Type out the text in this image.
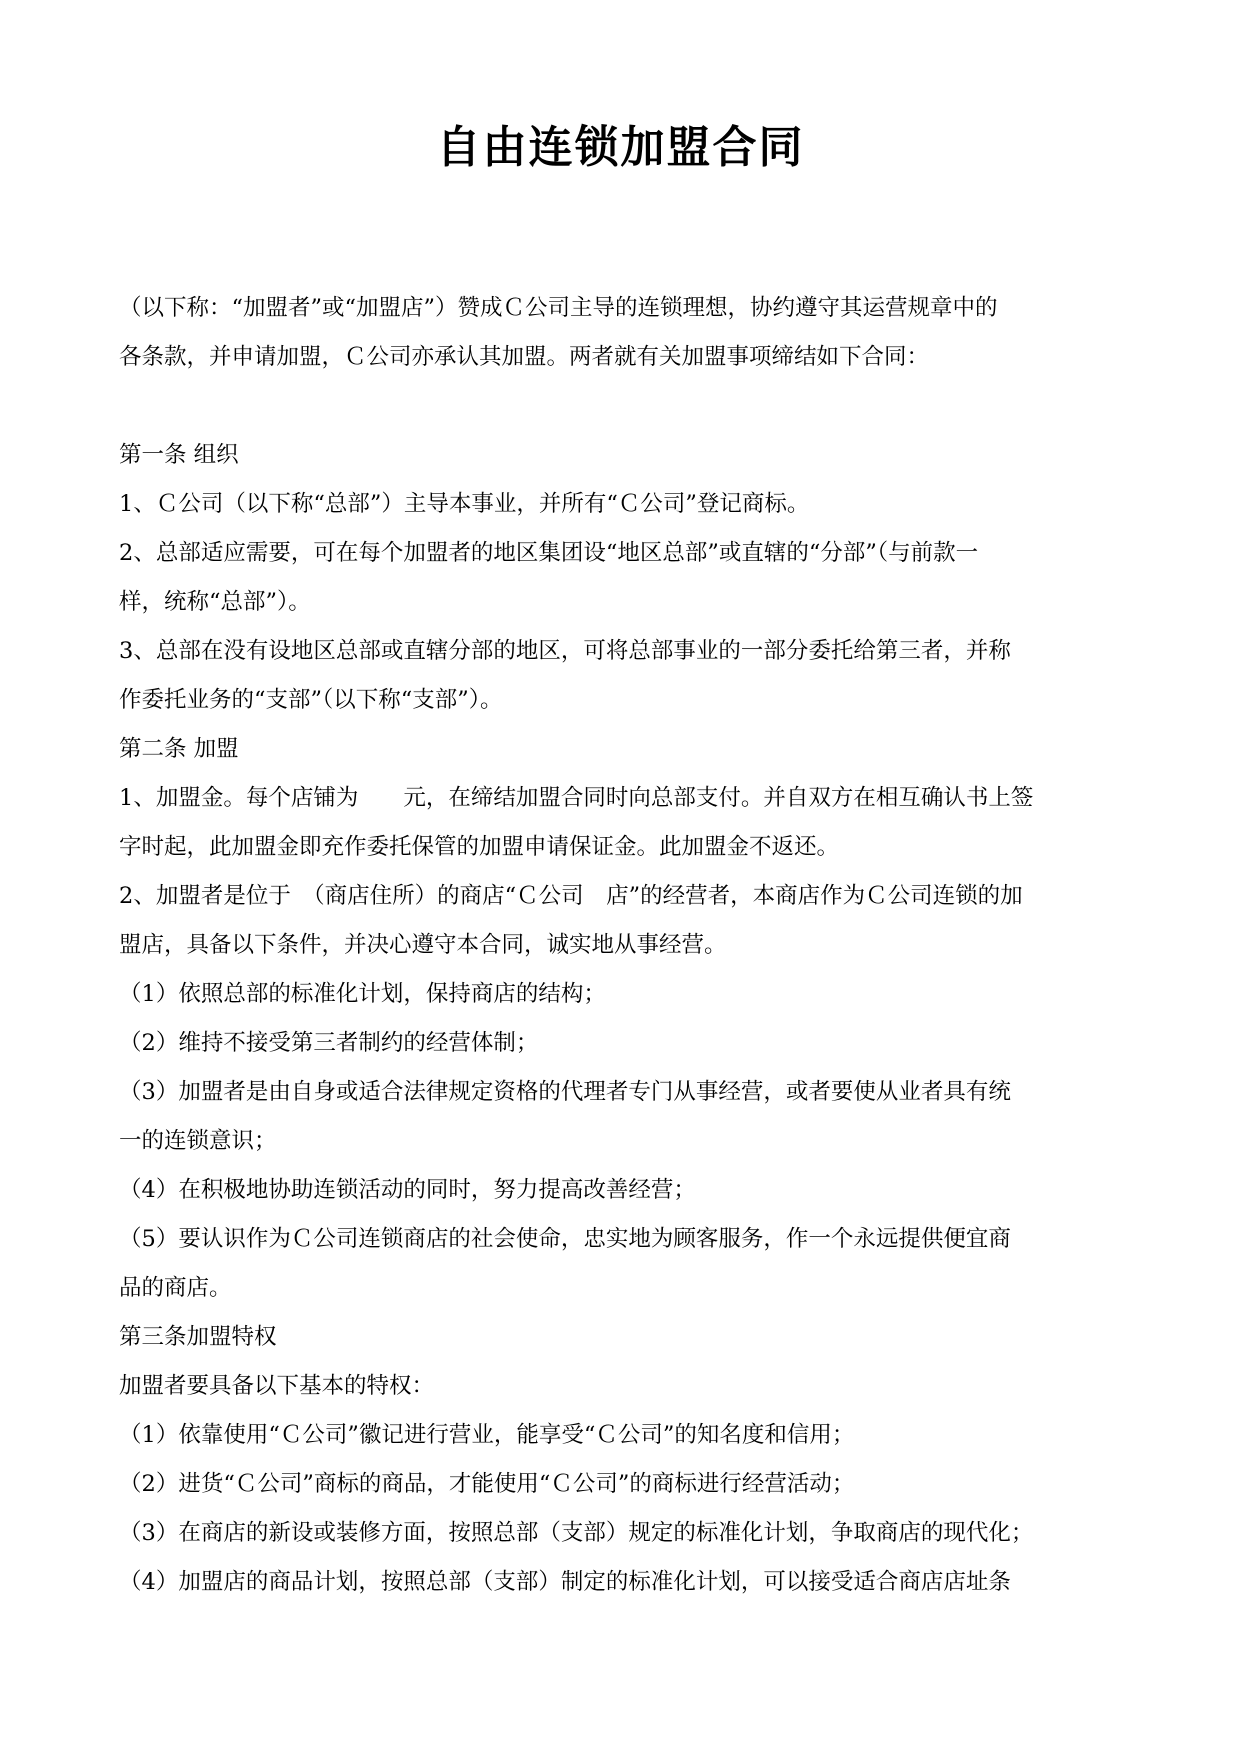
自由连锁加盟合同

（以下称：“加盟者”或“加盟店”）赞成Ｃ公司主导的连锁理想，协约遵守其运营规章中的

各条款，并申请加盟，Ｃ公司亦承认其加盟。两者就有关加盟事项缔结如下合同：

第一条 组织

1、Ｃ公司（以下称“总部”）主导本事业，并所有“Ｃ公司”登记商标。

2、总部适应需要，可在每个加盟者的地区集团设“地区总部”或直辖的“分部”（与前款一

样，统称“总部”）。

3、总部在没有设地区总部或直辖分部的地区，可将总部事业的一部分委托给第三者，并称

作委托业务的“支部”（以下称“支部”）。

第二条 加盟

1、加盟金。每个店铺为　　元，在缔结加盟合同时向总部支付。并自双方在相互确认书上签

字时起，此加盟金即充作委托保管的加盟申请保证金。此加盟金不返还。

2、加盟者是位于　（商店住所）的商店“Ｃ公司　店”的经营者，本商店作为Ｃ公司连锁的加

盟店，具备以下条件，并决心遵守本合同，诚实地从事经营。

（1）依照总部的标准化计划，保持商店的结构；

（2）维持不接受第三者制约的经营体制；

（3）加盟者是由自身或适合法律规定资格的代理者专门从事经营，或者要使从业者具有统

一的连锁意识；

（4）在积极地协助连锁活动的同时，努力提高改善经营；

（5）要认识作为Ｃ公司连锁商店的社会使命，忠实地为顾客服务，作一个永远提供便宜商

品的商店。

第三条加盟特权

加盟者要具备以下基本的特权：

（1）依靠使用“Ｃ公司”徽记进行营业，能享受“Ｃ公司”的知名度和信用；

（2）进货“Ｃ公司”商标的商品，才能使用“Ｃ公司”的商标进行经营活动；

（3）在商店的新设或装修方面，按照总部（支部）规定的标准化计划，争取商店的现代化；

（4）加盟店的商品计划，按照总部（支部）制定的标准化计划，可以接受适合商店店址条
